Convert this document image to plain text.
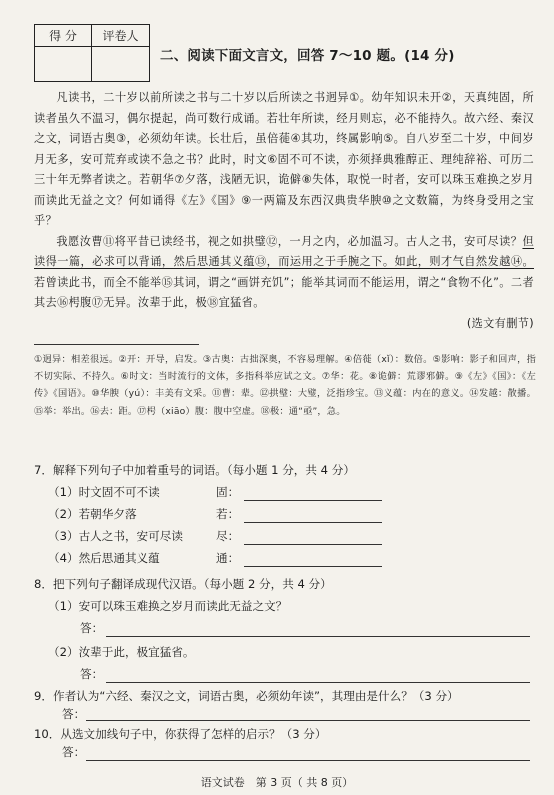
得 分	评卷人
二、阅读下面文言文，回答 7～10 题。(14 分)

凡读书，二十岁以前所读之书与二十岁以后所读之书迥异①。幼年知识未开②，天真纯固，所读者虽久不温习，偶尔提起，尚可数行成诵。若壮年所读，经月则忘，必不能持久。故六经、秦汉之文，词语古奥③，必须幼年读。长壮后，虽倍蓰④其功，终属影响⑤。自八岁至二十岁，中间岁月无多，安可荒弃或读不急之书？此时，时文⑥固不可不读，亦须择典雅醇正、理纯辞裕、可历二三十年无弊者读之。若朝华⑦夕落，浅陋无识，诡僻⑧失体，取悦一时者，安可以珠玉难换之岁月而读此无益之文？何如诵得《左》《国》⑨一两篇及东西汉典贵华腴⑩之文数篇，为终身受用之宝乎？

我愿汝曹⑪将平昔已读经书，视之如拱璧⑫，一月之内，必加温习。古人之书，安可尽读？但读得一篇，必求可以背诵，然后思通其义蕴⑬，而运用之于手腕之下。如此，则才气自然发越⑭。若曾读此书，而全不能举⑮其词，谓之“画饼充饥”；能举其词而不能运用，谓之“食物不化”。二者其去⑯枵腹⑰无异。汝辈于此，极⑱宜猛省。
(选文有删节)

①迥异：相差很远。②开：开导，启发。③古奥：古拙深奥，不容易理解。④倍蓰（xǐ）：数倍。⑤影响：影子和回声，指不切实际、不持久。⑥时文：当时流行的文体，多指科举应试之文。⑦华：花。⑧诡僻：荒谬邪僻。⑨《左》《国》：《左传》《国语》。⑩华腴（yú）：丰美有文采。⑪曹：辈。⑫拱璧：大璧，泛指珍宝。⑬义蕴：内在的意义。⑭发越：散播。⑮举：举出。⑯去：距。⑰枵（xiāo）腹：腹中空虚。⑱极：通“亟”，急。
7．解释下列句子中加着重号的词语。（每小题 1 分，共 4 分）
（1）时文固不可不读	固：
（2）若朝华夕落	若：
（3）古人之书，安可尽读	尽：
（4）然后思通其义蕴	通：
8．把下列句子翻译成现代汉语。（每小题 2 分，共 4 分）
（1）安可以珠玉难换之岁月而读此无益之文？
答：
（2）汝辈于此，极宜猛省。
答：
9．作者认为“六经、秦汉之文，词语古奥，必须幼年读”，其理由是什么？（3 分）
答：
语文试卷　第 3 页（ 共 8 页）
10．从选文加线句子中，你获得了怎样的启示？（3 分）
答：
